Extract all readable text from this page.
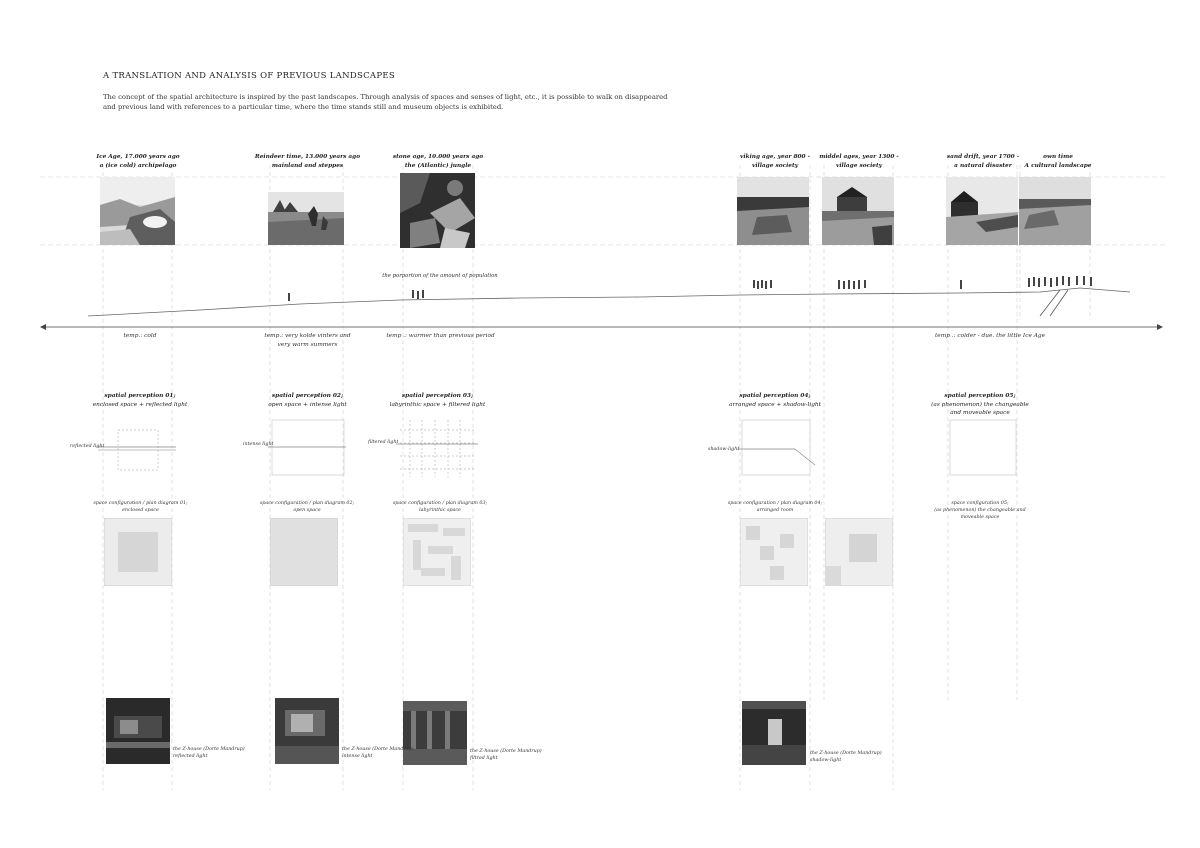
A TRANSLATION AND ANALYSIS OF PREVIOUS LANDSCAPES
The concept of the spatial architecture is inspired by the past landscapes. Through analysis of spaces and senses of light, etc., it is possible to walk on disappeared and previous land with references to a particular time, where the time stands still and museum objects is exhibited.
Ice Age, 17.000 years ago
a (ice cold) archipelago
Reindeer time, 13.000 years ago
mainland and steppes
stone age, 10.000 years ago
the (Atlantic) jungle
viking age, year 800 -
village society
middel ages, year 1300 -
village society
sand drift, year 1700 -
a natural disaster
own time
A cultural landscape
the porportion of the amount of population
temp.: cold	temp.: very kolde vinters and
very warm summers
temp .: warmer than previous period	temp .: colder - due. the little Ice Age
spatial perception 01;
enclosed space + reflected light
spatial perception 02;
open space + intense light
spatial perception 03;
labyrinthic space + filtered light
spatial perception 04;
arranged space + shadow-light
spatial perception 05;
(as phenomenon) the changeable
and moveable space
reflected light	intense light	filtered light
shadow-light
space configuration / plan diagram 01;
enclosed space
space configuration / plan diagram 02;
open space
space configuration / plan diagram 03;
labyrinthic space
space configuration / plan diagram 04;
arranged room
space configuration 05;
(as phenomenon) the changeable and
moveable space
the Z-house (Dorte Mandrup)
reflected light
the Z-house (Dorte Mandrup)
intense light
the Z-house (Dorte Mandrup)
filtred light
the Z-house (Dorte Mandrup)
shadow-light
